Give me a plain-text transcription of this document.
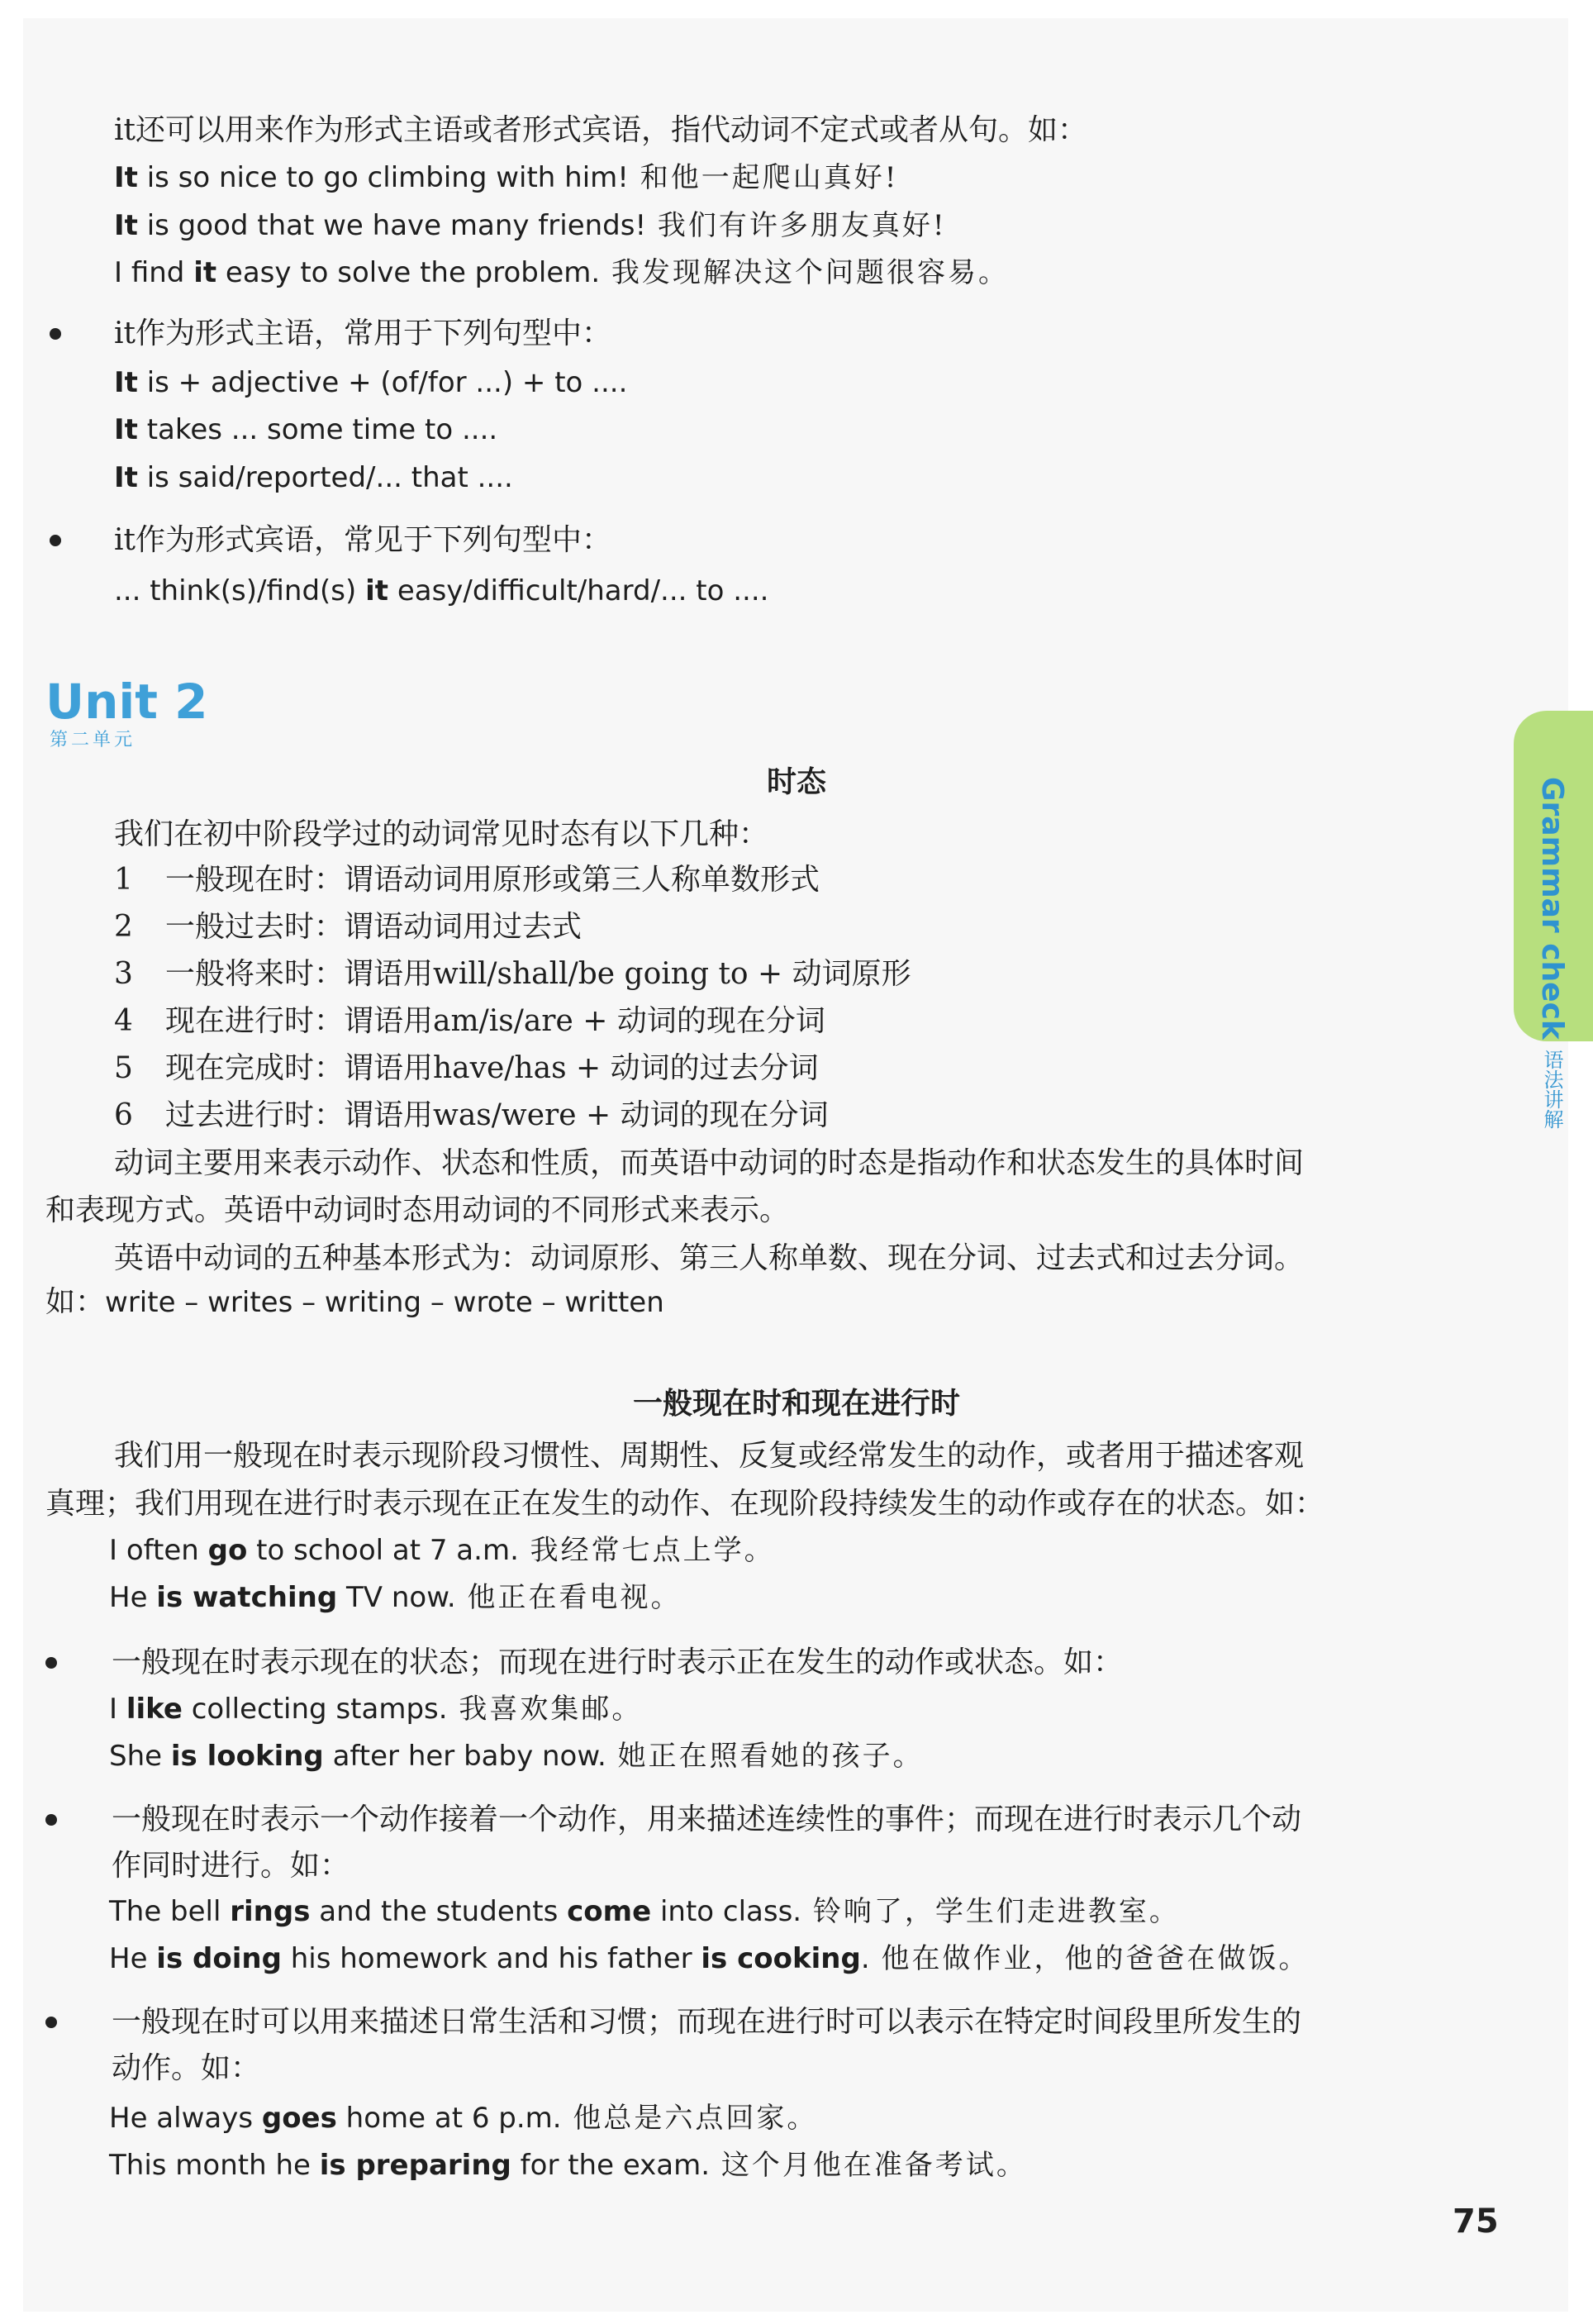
it还可以用来作为形式主语或者形式宾语，指代动词不定式或者从句。如：
It is so nice to go climbing with him! 和他一起爬山真好!
It is good that we have many friends! 我们有许多朋友真好!
I find it easy to solve the problem. 我发现解决这个问题很容易。
it作为形式主语，常用于下列句型中：
It is + adjective + (of/for ...) + to ....
It takes ... some time to ....
It is said/reported/... that ....
it作为形式宾语，常见于下列句型中：
... think(s)/find(s) it easy/difficult/hard/... to ....
Unit 2
第二单元
时态
我们在初中阶段学过的动词常见时态有以下几种：
1 一般现在时：谓语动词用原形或第三人称单数形式
2 一般过去时：谓语动词用过去式
3 一般将来时：谓语用will/shall/be going to + 动词原形
4 现在进行时：谓语用am/is/are + 动词的现在分词
5 现在完成时：谓语用have/has + 动词的过去分词
6 过去进行时：谓语用was/were + 动词的现在分词
动词主要用来表示动作、状态和性质，而英语中动词的时态是指动作和状态发生的具体时间
和表现方式。英语中动词时态用动词的不同形式来表示。
英语中动词的五种基本形式为：动词原形、第三人称单数、现在分词、过去式和过去分词。
如：write – writes – writing – wrote – written
一般现在时和现在进行时
我们用一般现在时表示现阶段习惯性、周期性、反复或经常发生的动作，或者用于描述客观
真理；我们用现在进行时表示现在正在发生的动作、在现阶段持续发生的动作或存在的状态。如：
I often go to school at 7 a.m. 我经常七点上学。
He is watching TV now. 他正在看电视。
一般现在时表示现在的状态；而现在进行时表示正在发生的动作或状态。如：
I like collecting stamps. 我喜欢集邮。
She is looking after her baby now. 她正在照看她的孩子。
一般现在时表示一个动作接着一个动作，用来描述连续性的事件；而现在进行时表示几个动
作同时进行。如：
The bell rings and the students come into class. 铃响了，学生们走进教室。
He is doing his homework and his father is cooking. 他在做作业，他的爸爸在做饭。
一般现在时可以用来描述日常生活和习惯；而现在进行时可以表示在特定时间段里所发生的
动作。如：
He always goes home at 6 p.m. 他总是六点回家。
This month he is preparing for the exam. 这个月他在准备考试。
Grammar check语法讲解
75
